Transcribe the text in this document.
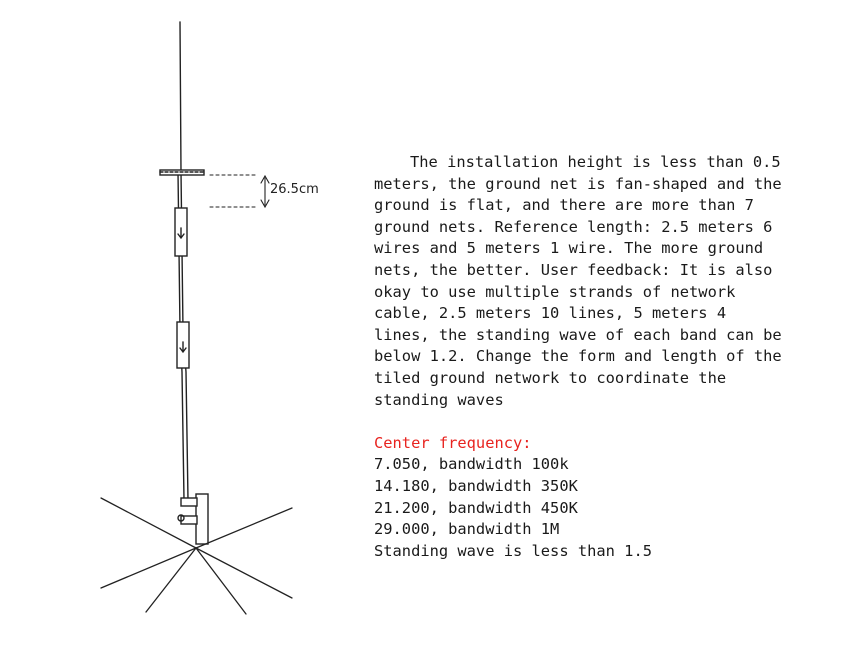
26.5cm

The installation height is less than 0.5 meters, the ground net is fan-shaped and the ground is flat, and there are more than 7 ground nets. Reference length: 2.5 meters 6 wires and 5 meters 1 wire. The more ground nets, the better. User feedback: It is also okay to use multiple strands of network cable, 2.5 meters 10 lines, 5 meters 4 lines, the standing wave of each band can be below 1.2. Change the form and length of the tiled ground network to coordinate the standing waves

Center frequency:

7.050, bandwidth 100k

14.180, bandwidth 350K

21.200, bandwidth 450K

29.000, bandwidth 1M

Standing wave is less than 1.5
